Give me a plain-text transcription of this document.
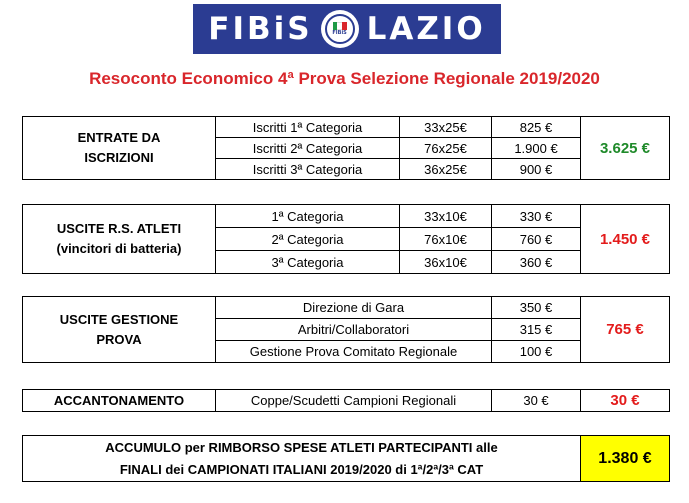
FIBiS	FIBiS LAZIO
Resoconto Economico 4ª Prova Selezione Regionale 2019/2020
ENTRATE DA
ISCRIZIONI	Iscritti 1ª Categoria	33x25€	825 €	3.625 €
	Iscritti 2ª Categoria	76x25€	1.900 €	
	Iscritti 3ª Categoria	36x25€	900 €	
USCITE R.S. ATLETI
(vincitori di batteria)	1ª Categoria	33x10€	330 €	1.450 €
	2ª Categoria	76x10€	760 €	
	3ª Categoria	36x10€	360 €	
USCITE GESTIONE
PROVA	Direzione di Gara	350 €	765 €
	Arbitri/Collaboratori	315 €	
	Gestione Prova Comitato Regionale	100 €	
ACCANTONAMENTO	Coppe/Scudetti Campioni Regionali	30 €	30 €
ACCUMULO per RIMBORSO SPESE ATLETI PARTECIPANTI alle
FINALI dei CAMPIONATI ITALIANI 2019/2020 di 1ª/2ª/3ª CAT	1.380 €
